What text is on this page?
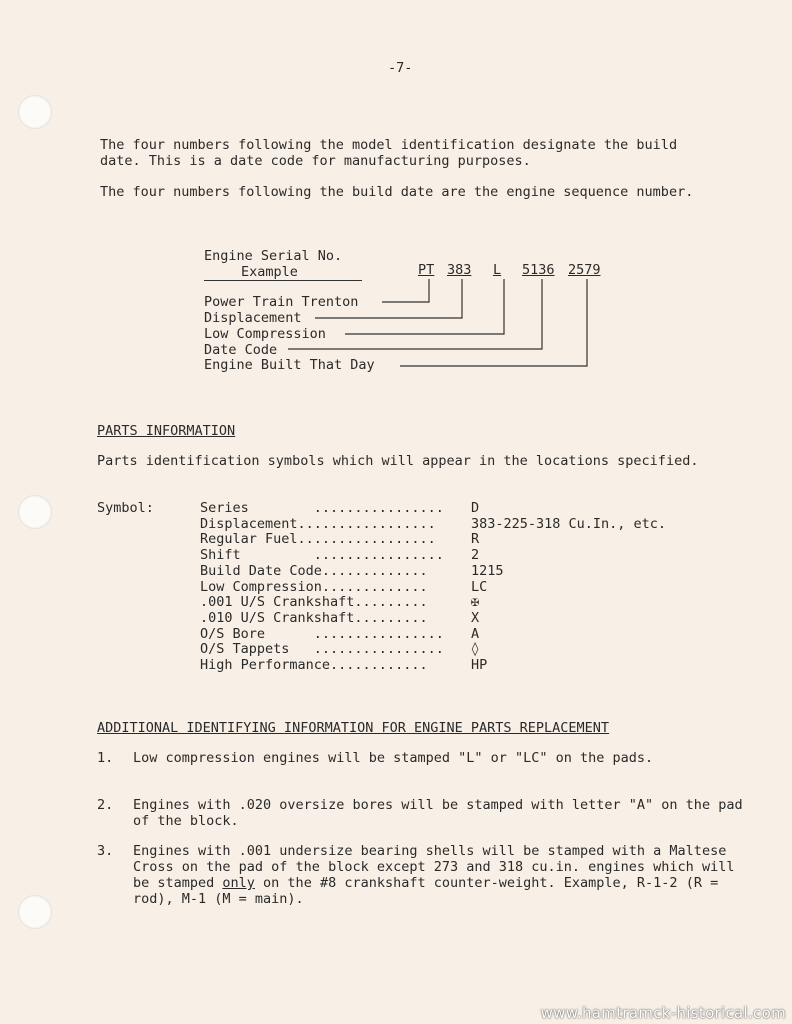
-7-
The four numbers following the model identification designate the build date. This is a date code for manufacturing purposes.
The four numbers following the build date are the engine sequence number.
Engine Serial No.
Example	PT 383 L 5136 2579
Power Train Trenton
Displacement
Low Compression
Date Code
Engine Built That Day
PARTS INFORMATION
Parts identification symbols which will appear in the locations specified.
Symbol:	Series        ................ D
Displacement.................	383-225-318 Cu.In., etc.
Regular Fuel.................	R
Shift         ................ 2
Build Date Code.............	1215
Low Compression.............	LC
.001 U/S Crankshaft.........	✠
.010 U/S Crankshaft.........	X
O/S Bore      ................ A
O/S Tappets   ................ ◊
High Performance............	HP
ADDITIONAL IDENTIFYING INFORMATION FOR ENGINE PARTS REPLACEMENT
1. Low compression engines will be stamped "L" or "LC" on the pads.
2. Engines with .020 oversize bores will be stamped with letter "A" on the pad of the block.
3. Engines with .001 undersize bearing shells will be stamped with a Maltese Cross on the pad of the block except 273 and 318 cu.in. engines which will be stamped only on the #8 crankshaft counter-weight. Example, R-1-2 (R = rod), M-1 (M = main).
www.hamtramck-historical.com
